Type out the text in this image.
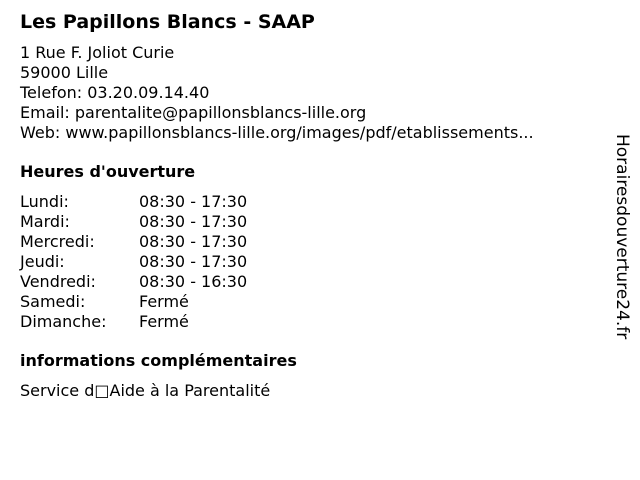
Les Papillons Blancs - SAAP
1 Rue F. Joliot Curie
59000 Lille
Telefon: 03.20.09.14.40
Email: parentalite@papillonsblancs-lille.org
Web: www.papillonsblancs-lille.org/images/pdf/etablissements...
Heures d'ouverture
Lundi:	08:30 - 17:30
Mardi:	08:30 - 17:30
Mercredi:	08:30 - 17:30
Jeudi:	08:30 - 17:30
Vendredi:	08:30 - 16:30
Samedi:	Fermé
Dimanche:	Fermé
informations complémentaires
Service d□Aide à la Parentalité
Horairesdouverture24.fr
